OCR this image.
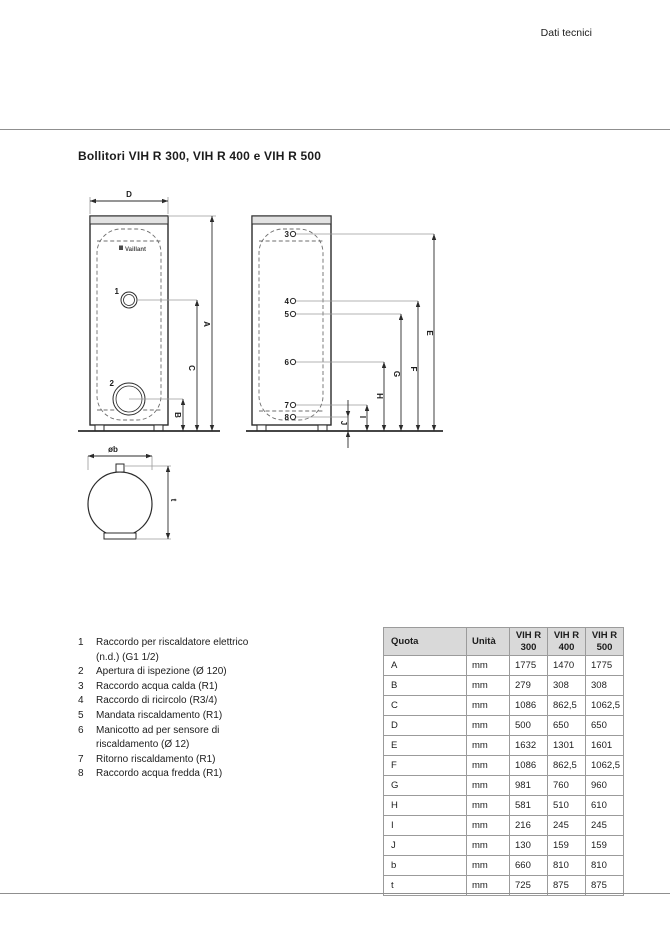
Dati tecnici
Bollitori VIH R 300, VIH R 400 e VIH R 500
D
Vaillant
1
2
A
C
B
3
4
5
6
7
8
E
F
G
H
I
J
øb
t
1	Raccordo per riscaldatore elettrico (n.d.) (G1 1/2)
2	Apertura di ispezione (Ø 120)
3	Raccordo acqua calda (R1)
4	Raccordo di ricircolo (R3/4)
5	Mandata riscaldamento (R1)
6	Manicotto ad per sensore di riscaldamento (Ø 12)
7	Ritorno riscaldamento (R1)
8	Raccordo acqua fredda (R1)
Quota	Unità	VIH R 300	VIH R 400	VIH R 500
A	mm	1775	1470	1775
B	mm	279	308	308
C	mm	1086	862,5	1062,5
D	mm	500	650	650
E	mm	1632	1301	1601
F	mm	1086	862,5	1062,5
G	mm	981	760	960
H	mm	581	510	610
I	mm	216	245	245
J	mm	130	159	159
b	mm	660	810	810
t	mm	725	875	875
